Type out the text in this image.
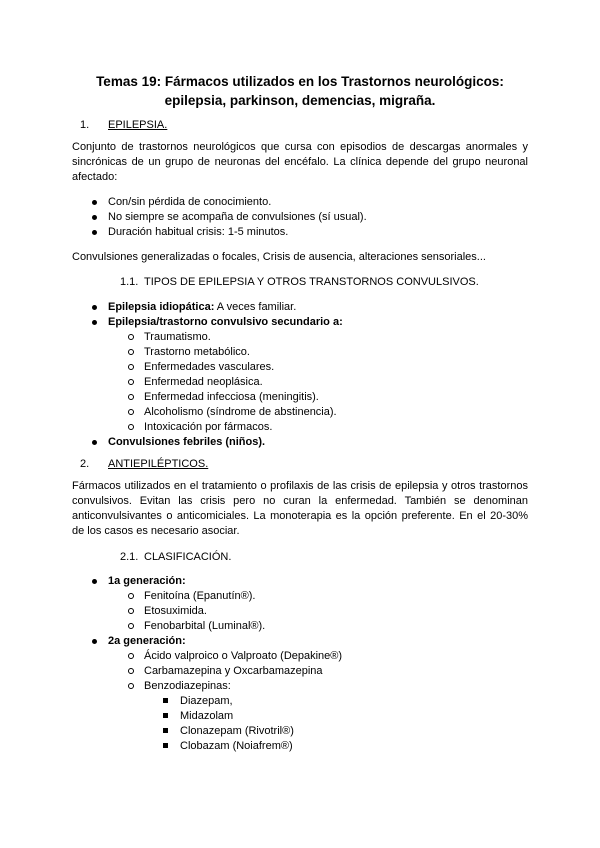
Temas 19: Fármacos utilizados en los Trastornos neurológicos:
epilepsia, parkinson, demencias, migraña.
1. EPILEPSIA.
Conjunto de trastornos neurológicos que cursa con episodios de descargas anormales y sincrónicas de un grupo de neuronas del encéfalo. La clínica depende del grupo neuronal afectado:
Con/sin pérdida de conocimiento.
No siempre se acompaña de convulsiones (sí usual).
Duración habitual crisis: 1-5 minutos.
Convulsiones generalizadas o focales, Crisis de ausencia, alteraciones sensoriales...
1.1. TIPOS DE EPILEPSIA Y OTROS TRANSTORNOS CONVULSIVOS.
Epilepsia idiopática: A veces familiar.
Epilepsia/trastorno convulsivo secundario a:
Traumatismo.
Trastorno metabólico.
Enfermedades vasculares.
Enfermedad neoplásica.
Enfermedad infecciosa (meningitis).
Alcoholismo (síndrome de abstinencia).
Intoxicación por fármacos.
Convulsiones febriles (niños).
2. ANTIEPILÉPTICOS.
Fármacos utilizados en el tratamiento o profilaxis de las crisis de epilepsia y otros trastornos convulsivos. Evitan las crisis pero no curan la enfermedad. También se denominan anticonvulsivantes o anticomiciales. La monoterapia es la opción preferente. En el 20-30% de los casos es necesario asociar.
2.1. CLASIFICACIÓN.
1a generación:
Fenitoína (Epanutín®).
Etosuximida.
Fenobarbital (Luminal®).
2a generación:
Ácido valproico o Valproato (Depakine®)
Carbamazepina y Oxcarbamazepina
Benzodiazepinas:
Diazepam,
Midazolam
Clonazepam (Rivotril®)
Clobazam (Noiafrem®)
